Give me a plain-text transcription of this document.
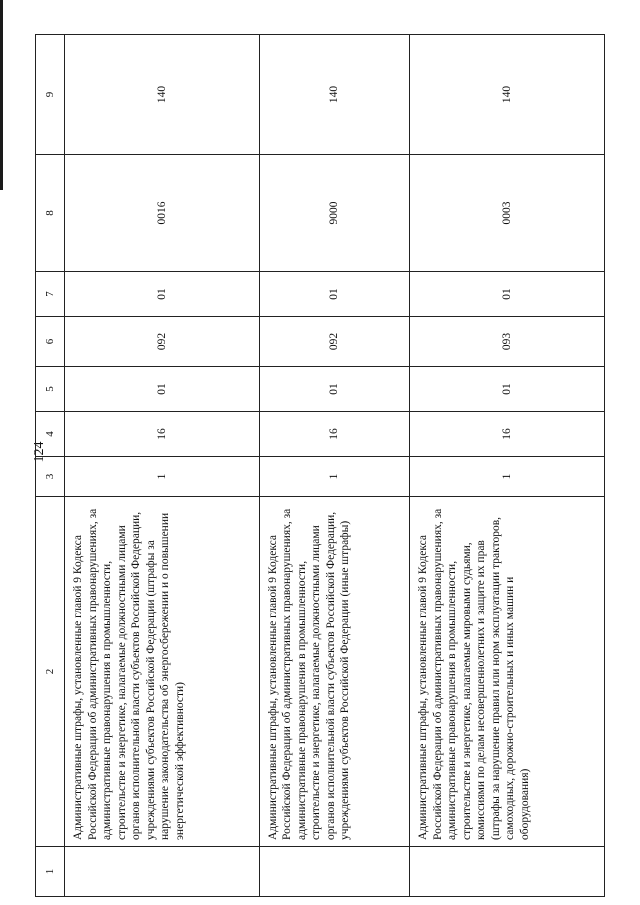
124
1	2	3	4	5	6	7	8	9
	Административные штрафы, установленные главой 9 Кодекса Российской Федерации об административных правонарушениях, за административные правонарушения в промышленности, строительстве и энергетике, налагаемые должностными лицами органов исполнительной власти субъектов Российской Федерации, учреждениями субъектов Российской Федерации (штрафы за нарушение законодательства об энергосбережении и о повышении энергетической эффективности)	1	16	01	092	01	0016	140
	Административные штрафы, установленные главой 9 Кодекса Российской Федерации об административных правонарушениях, за административные правонарушения в промышленности, строительстве и энергетике, налагаемые должностными лицами органов исполнительной власти субъектов Российской Федерации, учреждениями субъектов Российской Федерации (иные штрафы)	1	16	01	092	01	9000	140
	Административные штрафы, установленные главой 9 Кодекса Российской Федерации об административных правонарушениях, за административные правонарушения в промышленности, строительстве и энергетике, налагаемые мировыми судьями, комиссиями по делам несовершеннолетних и защите их прав (штрафы за нарушение правил или норм эксплуатации тракторов, самоходных, дорожно-строительных и иных машин и оборудования)	1	16	01	093	01	0003	140
